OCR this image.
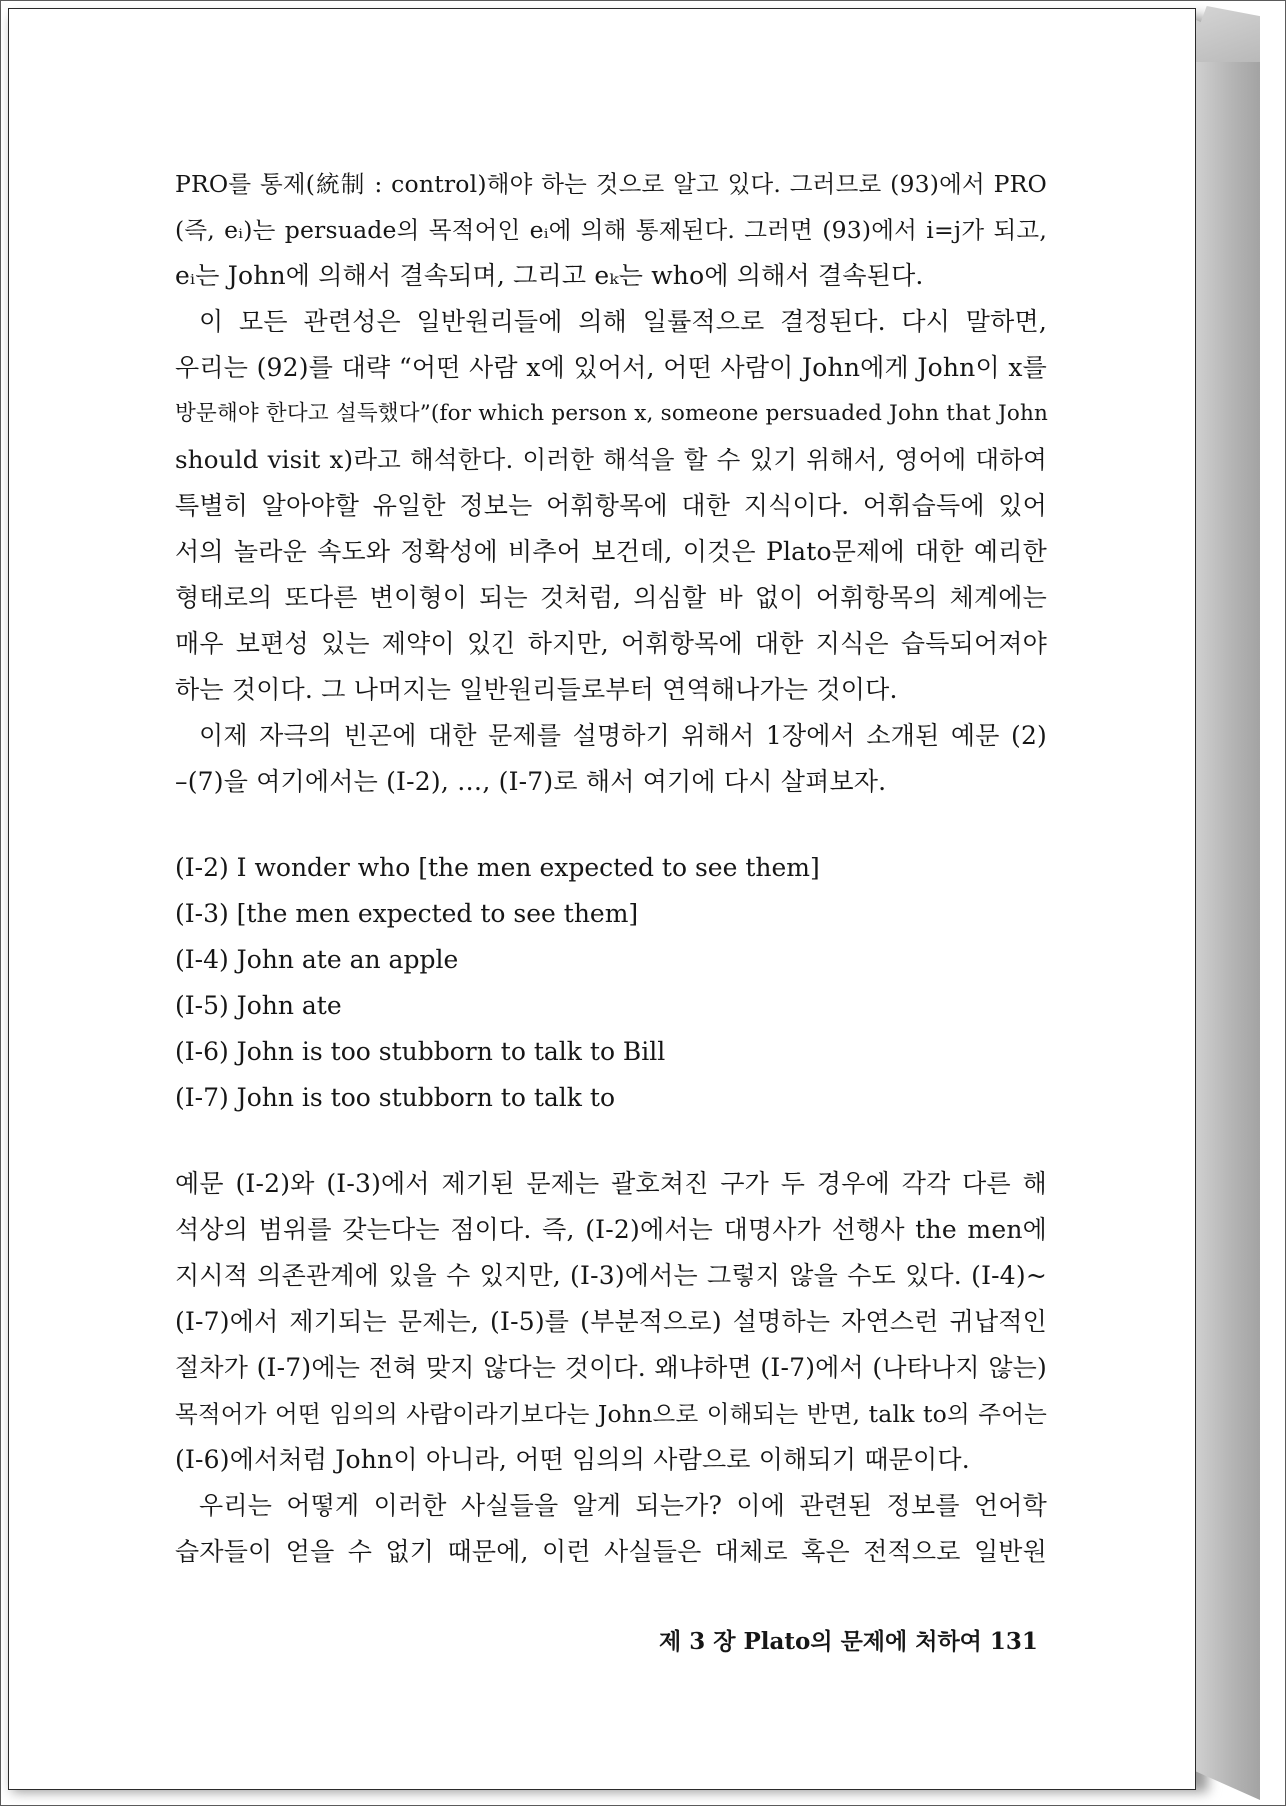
PRO를 통제(統制 : control)해야 하는 것으로 알고 있다. 그러므로 (93)에서 PRO
(즉, eᵢ)는 persuade의 목적어인 eᵢ에 의해 통제된다. 그러면 (93)에서 i=j가 되고,
eᵢ는 John에 의해서 결속되며, 그리고 eₖ는 who에 의해서 결속된다.
이 모든 관련성은 일반원리들에 의해 일률적으로 결정된다. 다시 말하면,
우리는 (92)를 대략 “어떤 사람 x에 있어서, 어떤 사람이 John에게 John이 x를
방문해야 한다고 설득했다”(for which person x, someone persuaded John that John
should visit x)라고 해석한다. 이러한 해석을 할 수 있기 위해서, 영어에 대하여
특별히 알아야할 유일한 정보는 어휘항목에 대한 지식이다. 어휘습득에 있어
서의 놀라운 속도와 정확성에 비추어 보건데, 이것은 Plato문제에 대한 예리한
형태로의 또다른 변이형이 되는 것처럼, 의심할 바 없이 어휘항목의 체계에는
매우 보편성 있는 제약이 있긴 하지만, 어휘항목에 대한 지식은 습득되어져야
하는 것이다. 그 나머지는 일반원리들로부터 연역해나가는 것이다.
이제 자극의 빈곤에 대한 문제를 설명하기 위해서 1장에서 소개된 예문 (2)
–(7)을 여기에서는 (I-2), …, (I-7)로 해서 여기에 다시 살펴보자.
(I-2) I wonder who [the men expected to see them]
(I-3) [the men expected to see them]
(I-4) John ate an apple
(I-5) John ate
(I-6) John is too stubborn to talk to Bill
(I-7) John is too stubborn to talk to
예문 (I-2)와 (I-3)에서 제기된 문제는 괄호쳐진 구가 두 경우에 각각 다른 해
석상의 범위를 갖는다는 점이다. 즉, (I-2)에서는 대명사가 선행사 the men에
지시적 의존관계에 있을 수 있지만, (I-3)에서는 그렇지 않을 수도 있다. (I-4)~
(I-7)에서 제기되는 문제는, (I-5)를 (부분적으로) 설명하는 자연스런 귀납적인
절차가 (I-7)에는 전혀 맞지 않다는 것이다. 왜냐하면 (I-7)에서 (나타나지 않는)
목적어가 어떤 임의의 사람이라기보다는 John으로 이해되는 반면, talk to의 주어는
(I-6)에서처럼 John이 아니라, 어떤 임의의 사람으로 이해되기 때문이다.
우리는 어떻게 이러한 사실들을 알게 되는가? 이에 관련된 정보를 언어학
습자들이 얻을 수 없기 때문에, 이런 사실들은 대체로 혹은 전적으로 일반원
제 3 장 Plato의 문제에 처하여 131
